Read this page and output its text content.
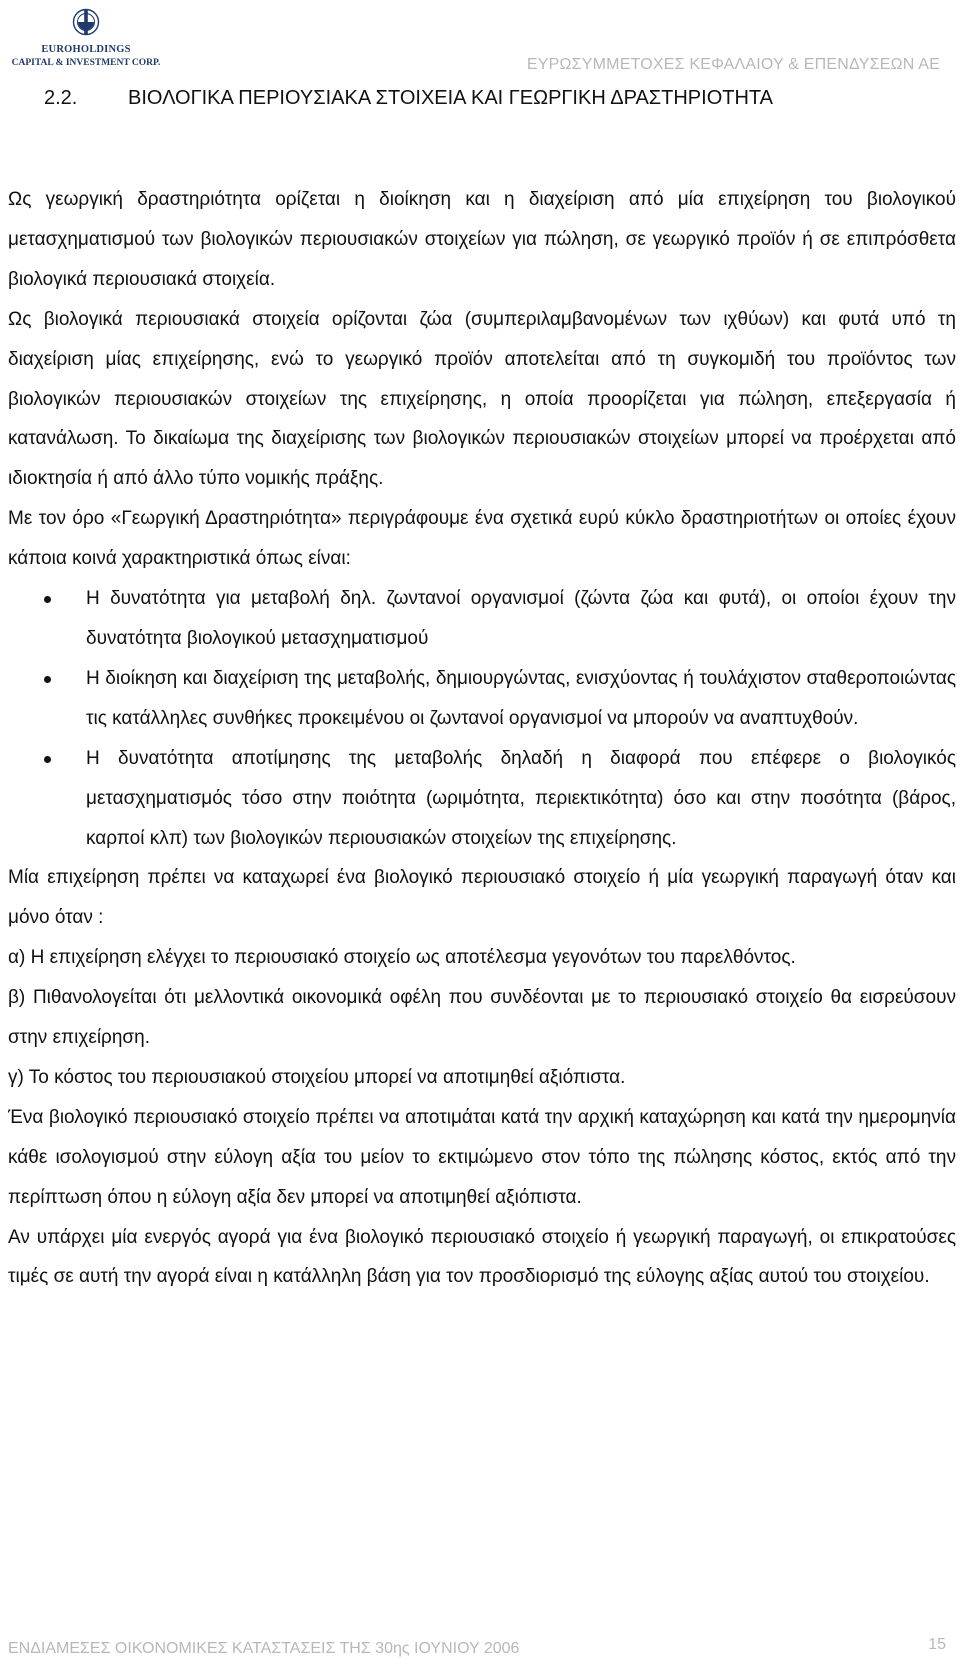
EUROHOLDINGS
CAPITAL & INVESTMENT CORP.	ΕΥΡΩΣΥΜΜΕΤΟΧΕΣ ΚΕΦΑΛΑΙΟΥ & ΕΠΕΝΔΥΣΕΩΝ ΑΕ
2.2.	ΒΙΟΛΟΓΙΚΑ ΠΕΡΙΟΥΣΙΑΚΑ ΣΤΟΙΧΕΙΑ ΚΑΙ ΓΕΩΡΓΙΚΗ ΔΡΑΣΤΗΡΙΟΤΗΤΑ

Ως γεωργική δραστηριότητα ορίζεται η διοίκηση και η διαχείριση από μία επιχείρηση του βιολογικού μετασχηματισμού των βιολογικών περιουσιακών στοιχείων για πώληση, σε γεωργικό προϊόν ή σε επιπρόσθετα βιολογικά περιουσιακά στοιχεία.

Ως βιολογικά περιουσιακά στοιχεία ορίζονται ζώα (συμπεριλαμβανομένων των ιχθύων) και φυτά υπό τη διαχείριση μίας επιχείρησης, ενώ το γεωργικό προϊόν αποτελείται από τη συγκομιδή του προϊόντος των βιολογικών περιουσιακών στοιχείων της επιχείρησης, η οποία προορίζεται για πώληση, επεξεργασία ή κατανάλωση. Το δικαίωμα της διαχείρισης των βιολογικών περιουσιακών στοιχείων μπορεί να προέρχεται από ιδιοκτησία ή από άλλο τύπο νομικής πράξης.

Με τον όρο «Γεωργική Δραστηριότητα» περιγράφουμε ένα σχετικά ευρύ κύκλο δραστηριοτήτων οι οποίες έχουν κάποια κοινά χαρακτηριστικά όπως είναι:

Η δυνατότητα για μεταβολή δηλ. ζωντανοί οργανισμοί (ζώντα ζώα και φυτά), οι οποίοι έχουν την δυνατότητα βιολογικού μετασχηματισμού
Η διοίκηση και διαχείριση της μεταβολής, δημιουργώντας, ενισχύοντας ή τουλάχιστον σταθεροποιώντας τις κατάλληλες συνθήκες προκειμένου οι ζωντανοί οργανισμοί να μπορούν να αναπτυχθούν.
Η δυνατότητα αποτίμησης της μεταβολής δηλαδή η διαφορά που επέφερε ο βιολογικός μετασχηματισμός τόσο στην ποιότητα (ωριμότητα, περιεκτικότητα) όσο και στην ποσότητα (βάρος, καρποί κλπ) των βιολογικών περιουσιακών στοιχείων της επιχείρησης.

Μία επιχείρηση πρέπει να καταχωρεί ένα βιολογικό περιουσιακό στοιχείο ή μία γεωργική παραγωγή όταν και μόνο όταν :

α) Η επιχείρηση ελέγχει το περιουσιακό στοιχείο ως αποτέλεσμα γεγονότων του παρελθόντος.

β) Πιθανολογείται ότι μελλοντικά οικονομικά οφέλη που συνδέονται με το περιουσιακό στοιχείο θα εισρεύσουν στην επιχείρηση.

γ) Το κόστος του περιουσιακού στοιχείου μπορεί να αποτιμηθεί αξιόπιστα.

Ένα βιολογικό περιουσιακό στοιχείο πρέπει να αποτιμάται κατά την αρχική καταχώρηση και κατά την ημερομηνία κάθε ισολογισμού στην εύλογη αξία του μείον το εκτιμώμενο στον τόπο της πώλησης κόστος, εκτός από την περίπτωση όπου η εύλογη αξία δεν μπορεί να αποτιμηθεί αξιόπιστα.

Αν υπάρχει μία ενεργός αγορά για ένα βιολογικό περιουσιακό στοιχείο ή γεωργική παραγωγή, οι επικρατούσες τιμές σε αυτή την αγορά είναι η κατάλληλη βάση για τον προσδιορισμό της εύλογης αξίας αυτού του στοιχείου.

ΕΝΔΙΑΜΕΣΕΣ ΟΙΚΟΝΟΜΙΚΕΣ ΚΑΤΑΣΤΑΣΕΙΣ ΤΗΣ 30ης ΙΟΥΝΙΟΥ 2006	15
